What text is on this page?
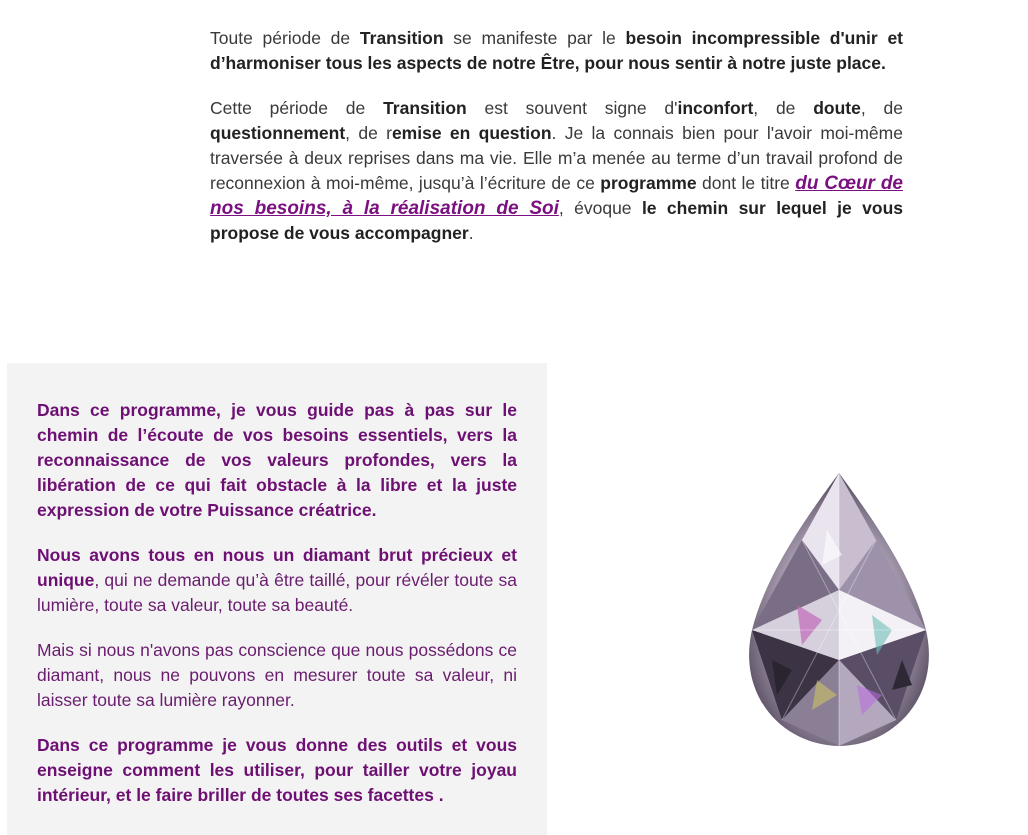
Toute période de Transition se manifeste par le besoin incompressible d'unir et d’harmoniser tous les aspects de notre Être, pour nous sentir à notre juste place.

Cette période de Transition est souvent signe d'inconfort, de doute, de questionnement, de remise en question. Je la connais bien pour l'avoir moi-même traversée à deux reprises dans ma vie. Elle m’a menée au terme d’un travail profond de reconnexion à moi-même, jusqu’à l’écriture de ce programme dont le titre du Cœur de nos besoins, à la réalisation de Soi, évoque le chemin sur lequel je vous propose de vous accompagner.

Dans ce programme, je vous guide pas à pas sur le chemin de l’écoute de vos besoins essentiels, vers la reconnaissance de vos valeurs profondes, vers la libération de ce qui fait obstacle à la libre et la juste expression de votre Puissance créatrice.

Nous avons tous en nous un diamant brut précieux et unique, qui ne demande qu’à être taillé, pour révéler toute sa lumière, toute sa valeur, toute sa beauté.

Mais si nous n'avons pas conscience que nous possédons ce diamant, nous ne pouvons en mesurer toute sa valeur, ni laisser toute sa lumière rayonner.

Dans ce programme je vous donne des outils et vous enseigne comment les utiliser, pour tailler votre joyau intérieur, et le faire briller de toutes ses facettes .
